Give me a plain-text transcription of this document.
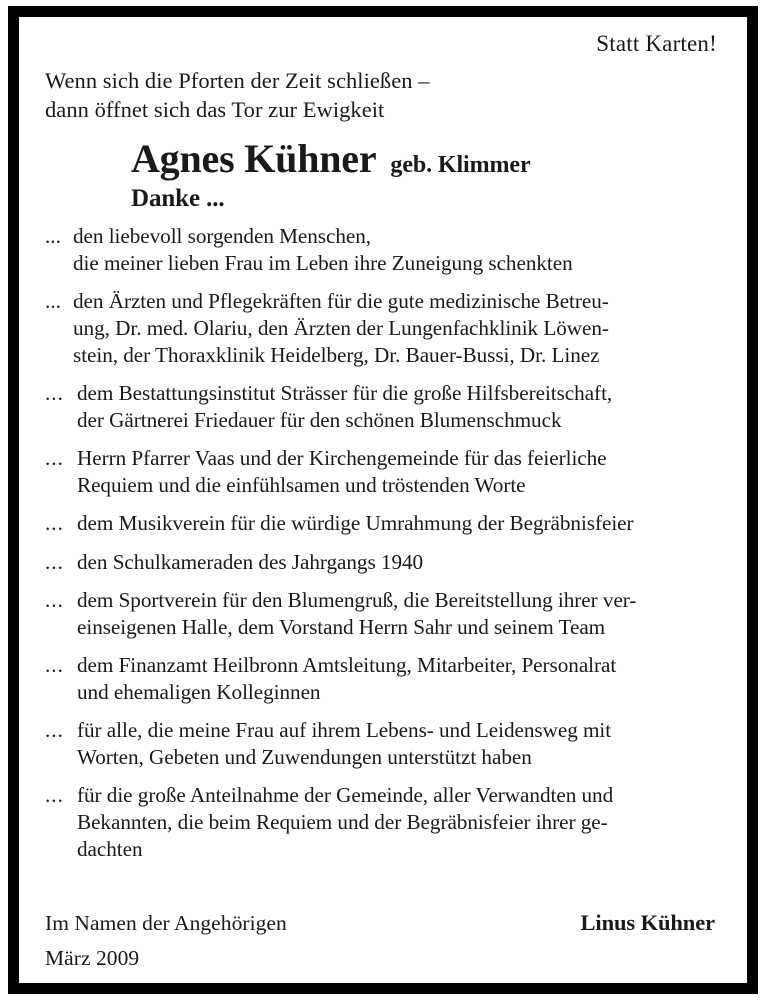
Statt Karten!
Wenn sich die Pforten der Zeit schließen –
dann öffnet sich das Tor zur Ewigkeit
Agnes Kühner geb. Klimmer
Danke ...
... den liebevoll sorgenden Menschen,
die meiner lieben Frau im Leben ihre Zuneigung schenkten
... den Ärzten und Pflegekräften für die gute medizinische Betreu-
ung, Dr. med. Olariu, den Ärzten der Lungenfachklinik Löwen-
stein, der Thoraxklinik Heidelberg, Dr. Bauer-Bussi, Dr. Linez
... dem Bestattungsinstitut Strässer für die große Hilfsbereitschaft,
der Gärtnerei Friedauer für den schönen Blumenschmuck
... Herrn Pfarrer Vaas und der Kirchengemeinde für das feierliche
Requiem und die einfühlsamen und tröstenden Worte
... dem Musikverein für die würdige Umrahmung der Begräbnisfeier
... den Schulkameraden des Jahrgangs 1940
... dem Sportverein für den Blumengruß, die Bereitstellung ihrer ver-
einseigenen Halle, dem Vorstand Herrn Sahr und seinem Team
... dem Finanzamt Heilbronn Amtsleitung, Mitarbeiter, Personalrat
und ehemaligen Kolleginnen
... für alle, die meine Frau auf ihrem Lebens- und Leidensweg mit
Worten, Gebeten und Zuwendungen unterstützt haben
... für die große Anteilnahme der Gemeinde, aller Verwandten und
Bekannten, die beim Requiem und der Begräbnisfeier ihrer ge-
dachten
Im Namen der Angehörigen	Linus Kühner
März 2009
